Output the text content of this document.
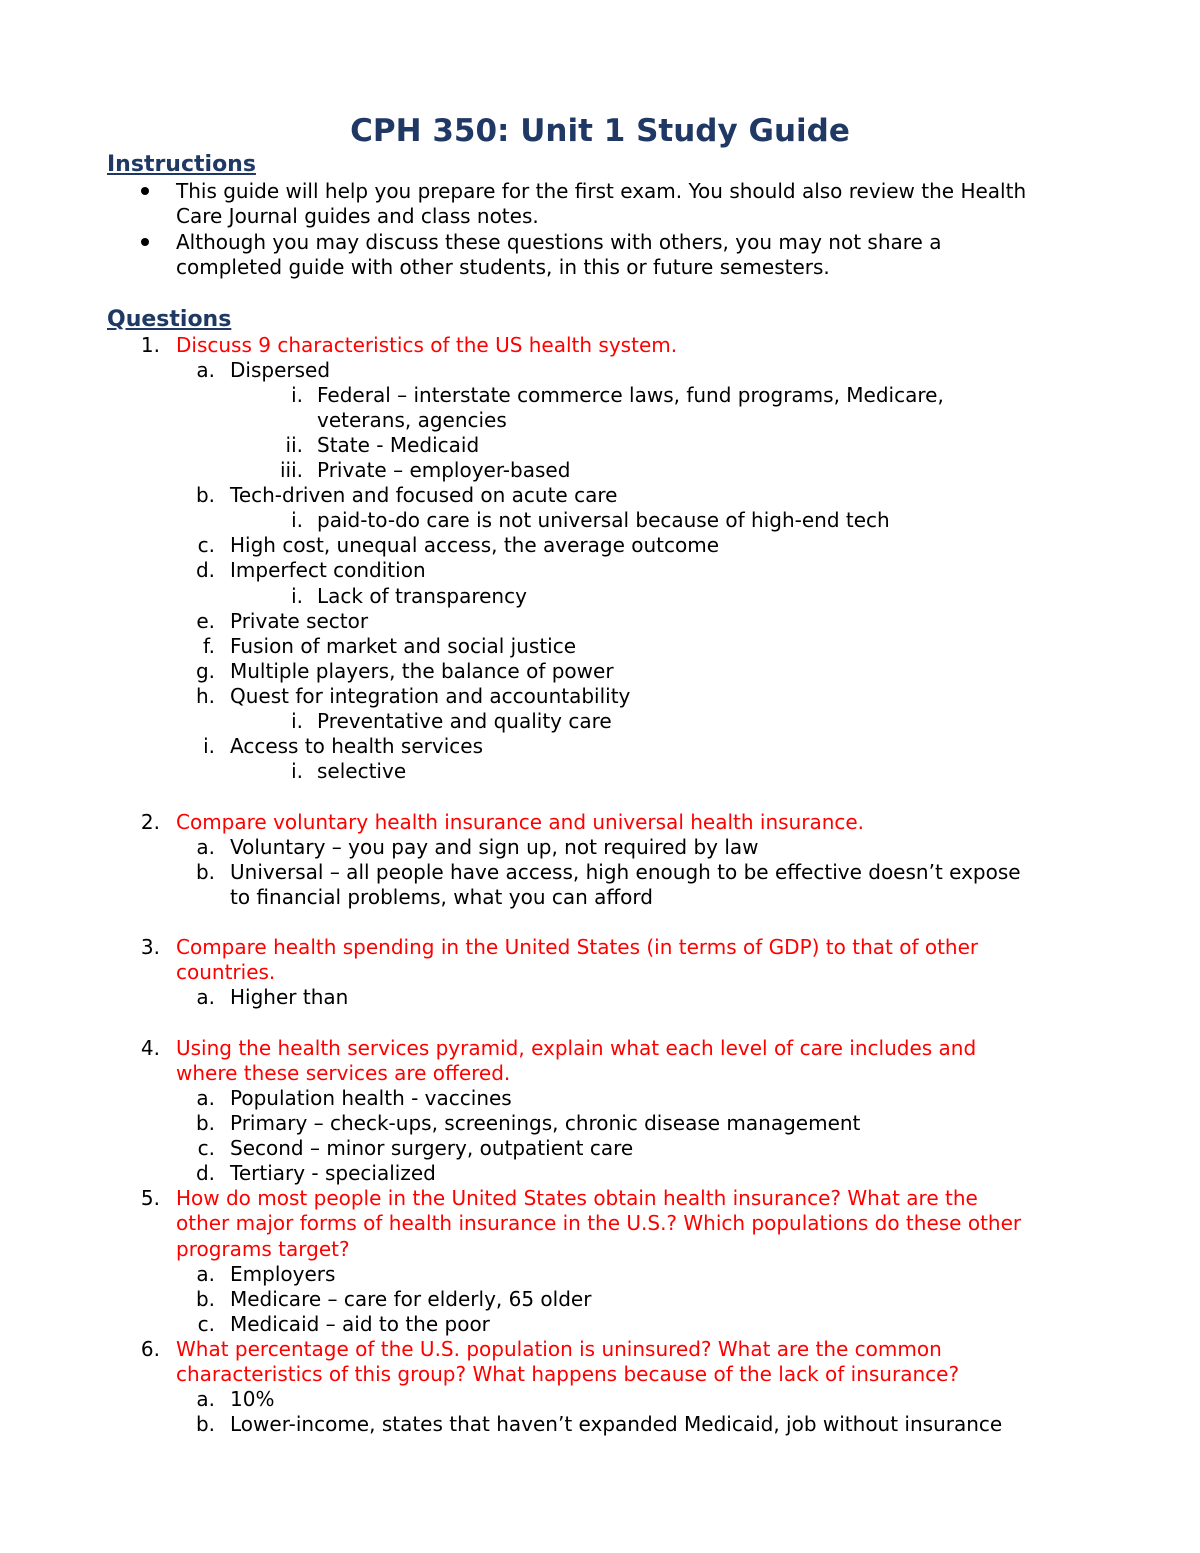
CPH 350: Unit 1 Study Guide
Instructions
This guide will help you prepare for the first exam. You should also review the Health
Care Journal guides and class notes.
Although you may discuss these questions with others, you may not share a
completed guide with other students, in this or future semesters.
Questions
1. Discuss 9 characteristics of the US health system.
a. Dispersed
i. Federal – interstate commerce laws, fund programs, Medicare,
veterans, agencies
ii. State - Medicaid
iii. Private – employer-based
b. Tech-driven and focused on acute care
i. paid-to-do care is not universal because of high-end tech
c. High cost, unequal access, the average outcome
d. Imperfect condition
i. Lack of transparency
e. Private sector
f. Fusion of market and social justice
g. Multiple players, the balance of power
h. Quest for integration and accountability
i. Preventative and quality care
i. Access to health services
i. selective
2. Compare voluntary health insurance and universal health insurance.
a. Voluntary – you pay and sign up, not required by law
b. Universal – all people have access, high enough to be effective doesn’t expose
to financial problems, what you can afford
3. Compare health spending in the United States (in terms of GDP) to that of other
countries.
a. Higher than
4. Using the health services pyramid, explain what each level of care includes and
where these services are offered.
a. Population health - vaccines
b. Primary – check-ups, screenings, chronic disease management
c. Second – minor surgery, outpatient care
d. Tertiary - specialized
5. How do most people in the United States obtain health insurance? What are the
other major forms of health insurance in the U.S.? Which populations do these other
programs target?
a. Employers
b. Medicare – care for elderly, 65 older
c. Medicaid – aid to the poor
6. What percentage of the U.S. population is uninsured? What are the common
characteristics of this group? What happens because of the lack of insurance?
a. 10%
b. Lower-income, states that haven’t expanded Medicaid, job without insurance
